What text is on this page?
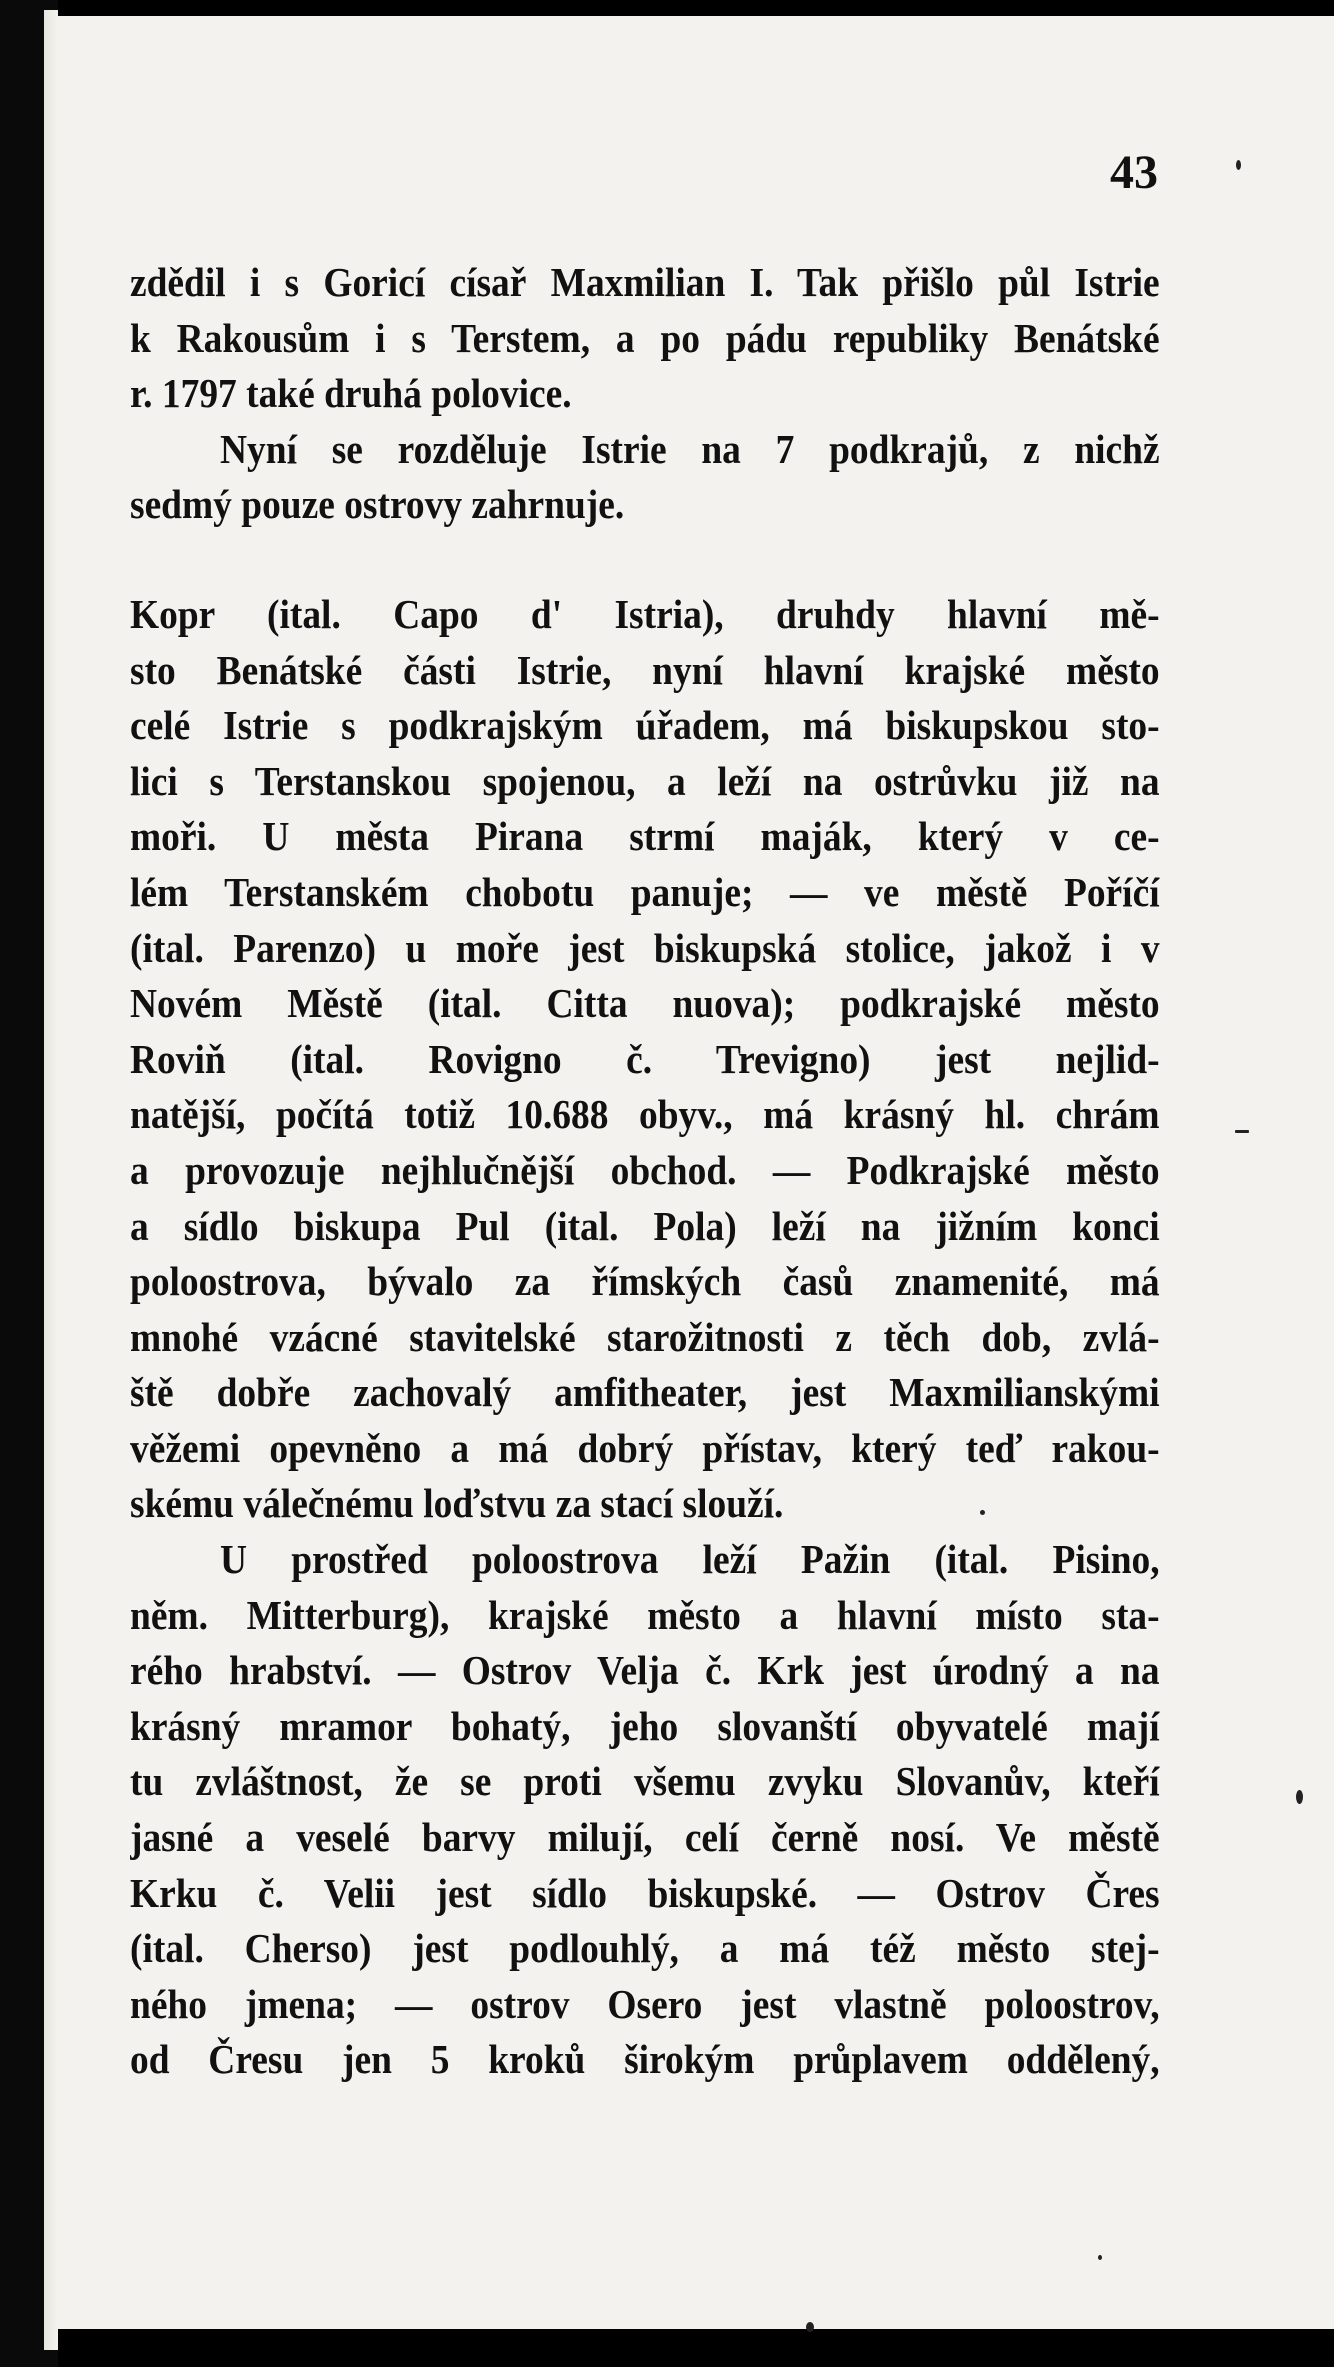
43
zdědil i s Goricí císař Maxmilian I. Tak přišlo půl Istrie
k Rakousům i s Terstem, a po pádu republiky Benátské
r. 1797 také druhá polovice.
Nyní se rozděluje Istrie na 7 podkrajů, z nichž
sedmý pouze ostrovy zahrnuje.
Kopr (ital. Capo d' Istria), druhdy hlavní mě-
sto Benátské části Istrie, nyní hlavní krajské město
celé Istrie s podkrajským úřadem, má biskupskou sto-
lici s Terstanskou spojenou, a leží na ostrůvku již na
moři. U města Pirana strmí maják, který v ce-
lém Terstanském chobotu panuje; — ve městě Poříčí
(ital. Parenzo) u moře jest biskupská stolice, jakož i v
Novém Městě (ital. Citta nuova); podkrajské město
Roviň (ital. Rovigno č. Trevigno) jest nejlid-
natější, počítá totiž 10.688 obyv., má krásný hl. chrám
a provozuje nejhlučnější obchod. — Podkrajské město
a sídlo biskupa Pul (ital. Pola) leží na jižním konci
poloostrova, bývalo za římských časů znamenité, má
mnohé vzácné stavitelské starožitnosti z těch dob, zvlá-
ště dobře zachovalý amfitheater, jest Maxmilianskými
věžemi opevněno a má dobrý přístav, který teď rakou-
skému válečnému loďstvu za stací slouží.
U prostřed poloostrova leží Pažin (ital. Pisino,
něm. Mitterburg), krajské město a hlavní místo sta-
rého hrabství. — Ostrov Velja č. Krk jest úrodný a na
krásný mramor bohatý, jeho slovanští obyvatelé mají
tu zvláštnost, že se proti všemu zvyku Slovanův, kteří
jasné a veselé barvy milují, celí černě nosí. Ve městě
Krku č. Velii jest sídlo biskupské. — Ostrov Čres
(ital. Cherso) jest podlouhlý, a má též město stej-
ného jmena; — ostrov Osero jest vlastně poloostrov,
od Čresu jen 5 kroků širokým průplavem oddělený,
